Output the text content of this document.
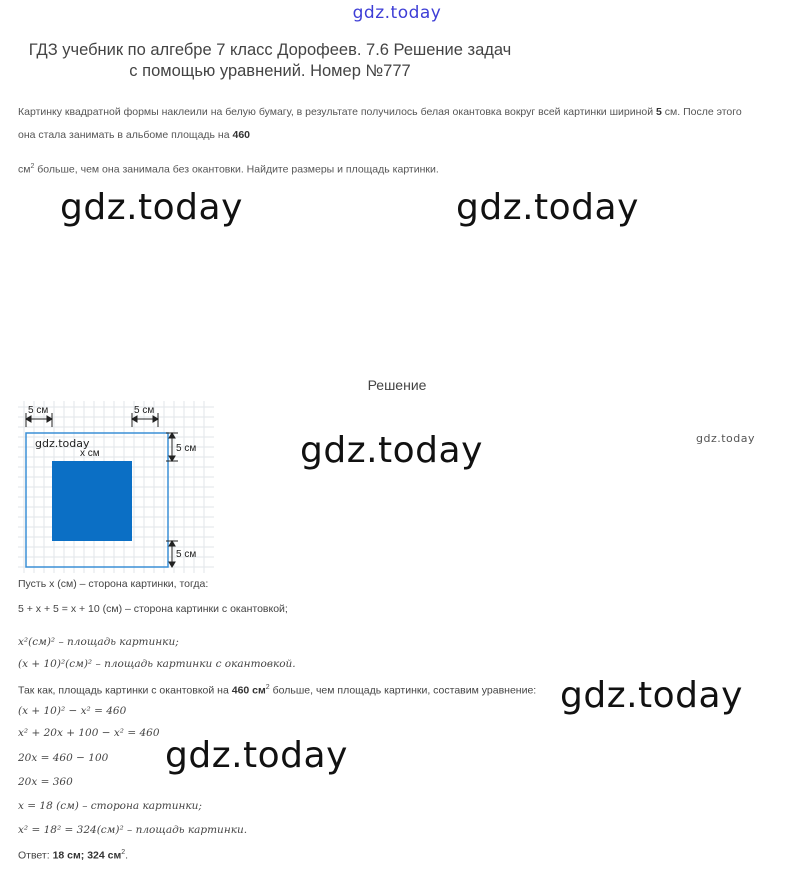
gdz.today
ГДЗ учебник по алгебре 7 класс Дорофеев. 7.6 Решение задач
с помощью уравнений. Номер №777
Картинку квадратной формы наклеили на белую бумагу, в результате получилось белая окантовка вокруг всей картинки шириной 5 см. После этого
она стала занимать в альбоме площадь на 460
$см^2$ больше, чем она занимала без окантовки. Найдите размеры и площадь картинки.
gdz.today	gdz.today
Решение
5 см	5 см
5 см
5 см
x см
gdz.today	gdz.today	gdz.today
Пусть x (см) – сторона картинки, тогда:
5 + x + 5 = x + 10 (см) – сторона картинки с окантовкой;
x²(см)² – площадь картинки;
(x + 10)²(см)² – площадь картинки с окантовкой.
Так как, площадь картинки с окантовкой на 460 $см^2$ больше, чем площадь картинки, составим уравнение:
(x + 10)² − x² = 460
x² + 20x + 100 − x² = 460
20x = 460 − 100
20x = 360
x = 18 (см) – сторона картинки;
x² = 18² = 324(см)² – площадь картинки.
Ответ: 18 см; 324 $см^2$.
gdz.today
gdz.today
